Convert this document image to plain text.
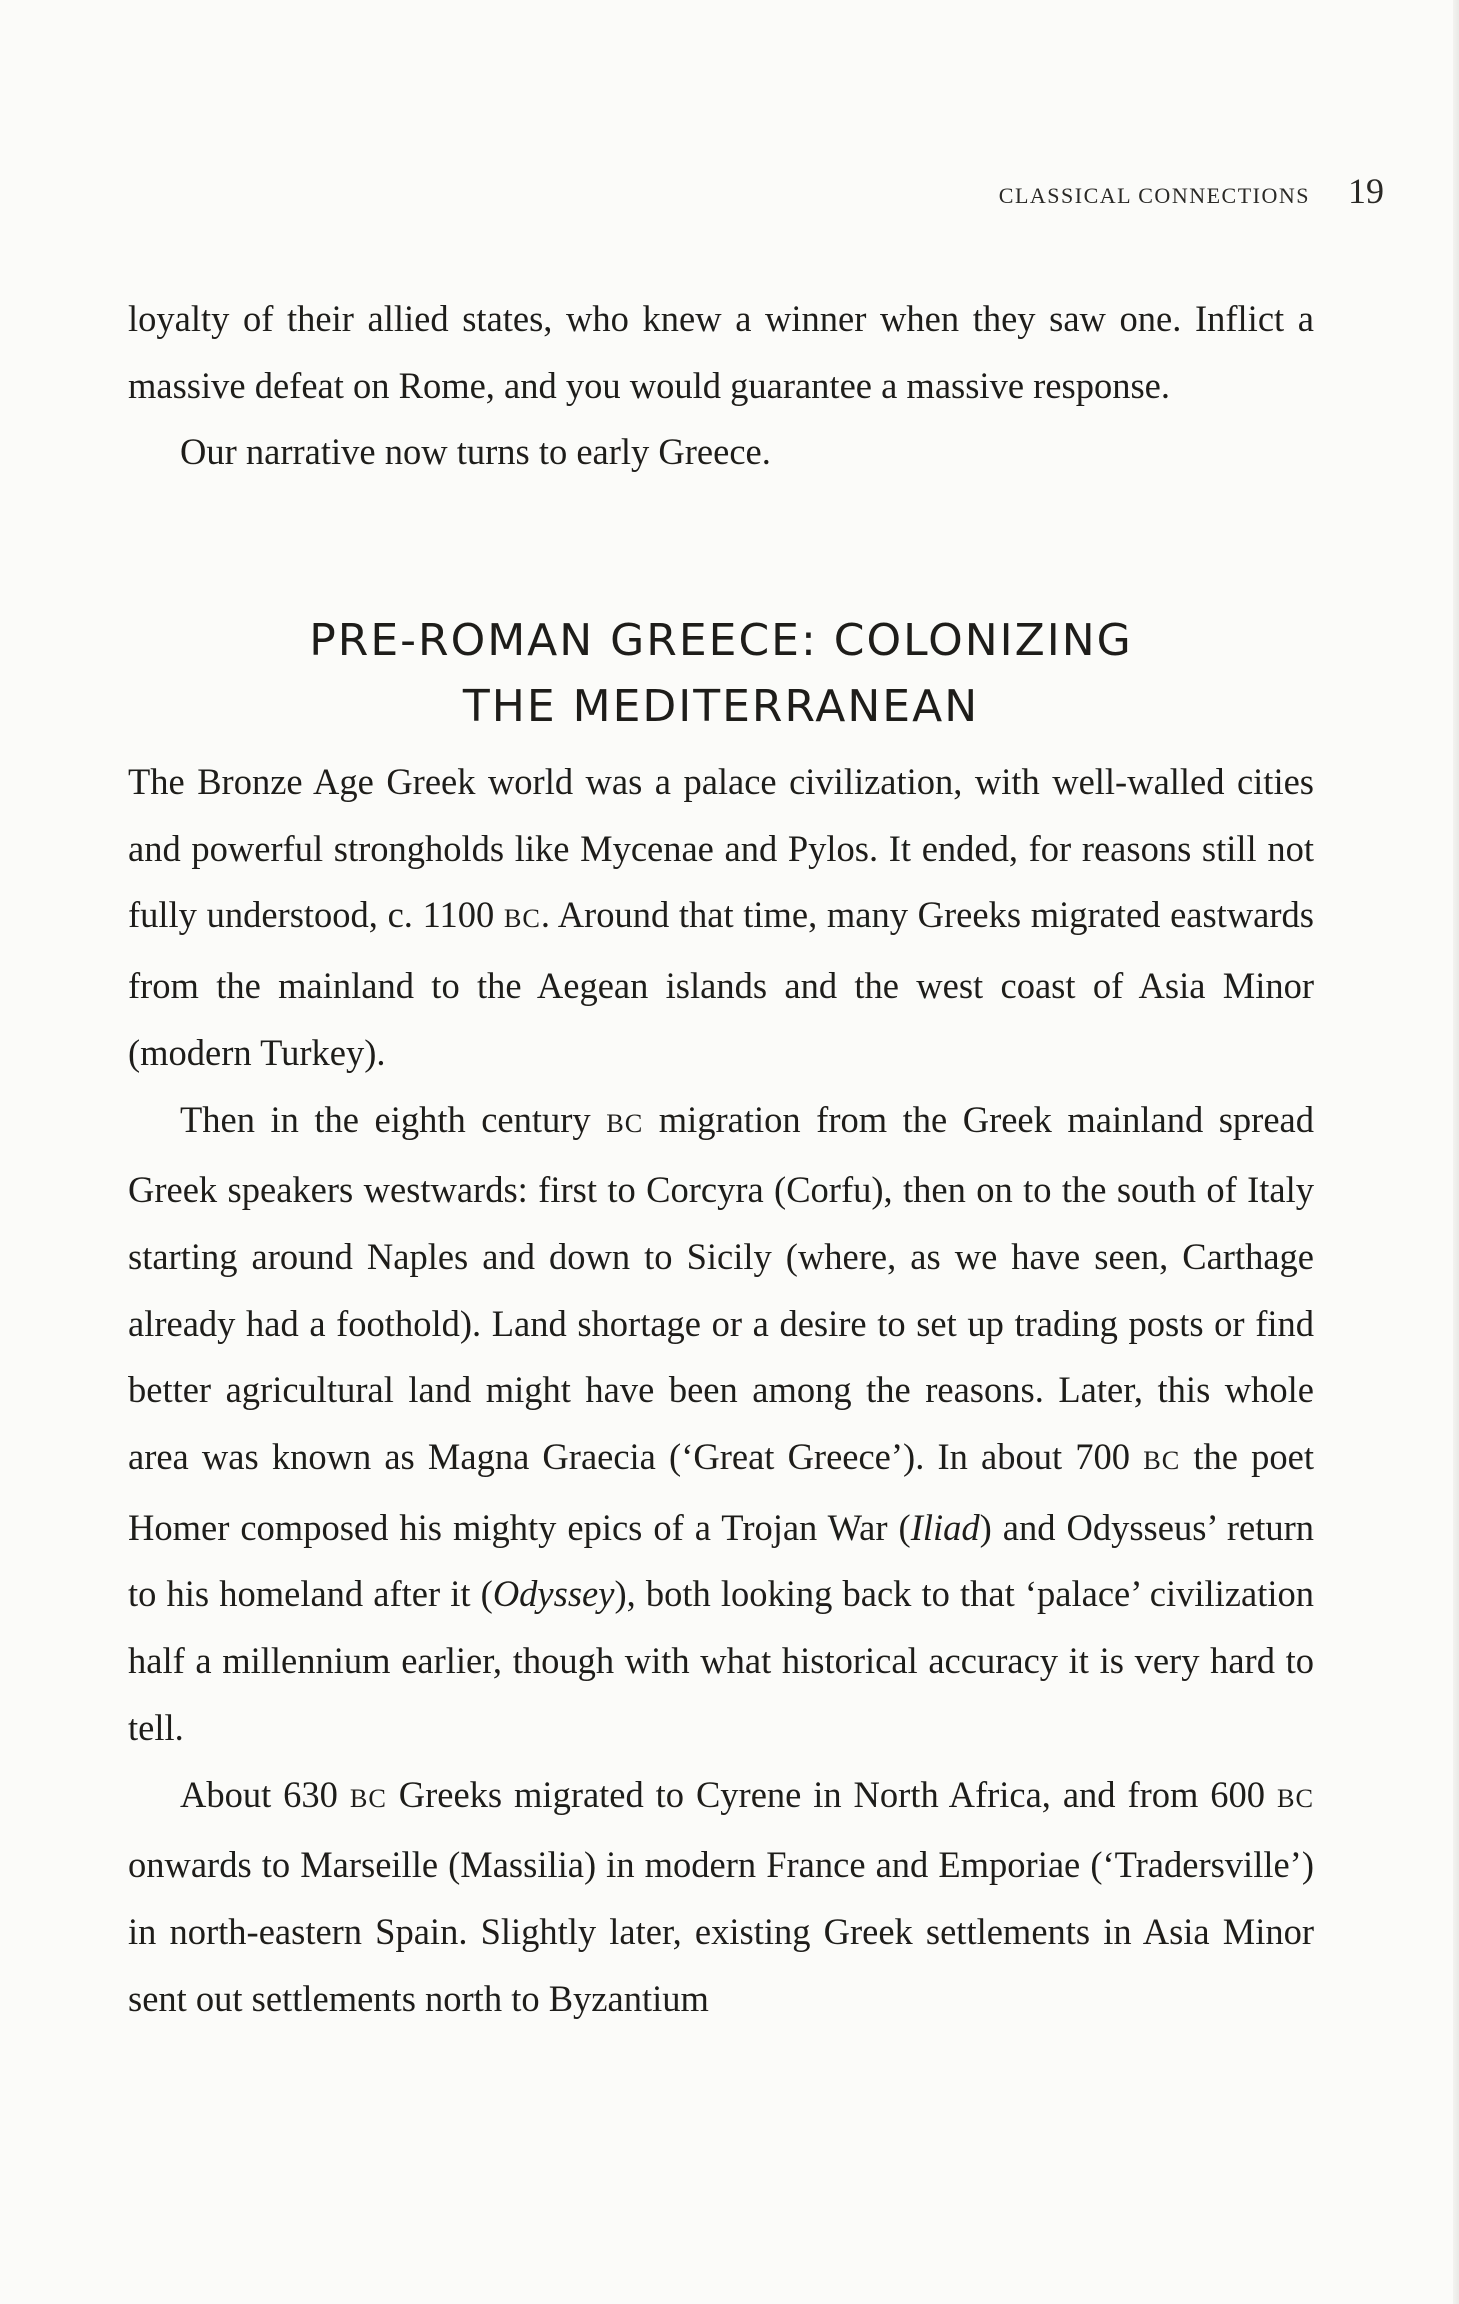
CLASSICAL CONNECTIONS 19

loyalty of their allied states, who knew a winner when they saw one. Inflict a massive defeat on Rome, and you would guarantee a massive response.

Our narrative now turns to early Greece.

PRE-ROMAN GREECE: COLONIZING
THE MEDITERRANEAN

The Bronze Age Greek world was a palace civilization, with well-walled cities and powerful strongholds like Mycenae and Pylos. It ended, for reasons still not fully understood, c. 1100 BC. Around that time, many Greeks migrated eastwards from the mainland to the Aegean islands and the west coast of Asia Minor (modern Turkey).

Then in the eighth century BC migration from the Greek mainland spread Greek speakers westwards: first to Corcyra (Corfu), then on to the south of Italy starting around Naples and down to Sicily (where, as we have seen, Carthage already had a foothold). Land shortage or a desire to set up trading posts or find better agricultural land might have been among the reasons. Later, this whole area was known as Magna Graecia (‘Great Greece’). In about 700 BC the poet Homer composed his mighty epics of a Trojan War (Iliad) and Odysseus’ return to his homeland after it (Odyssey), both looking back to that ‘palace’ civilization half a millennium earlier, though with what historical accuracy it is very hard to tell.

About 630 BC Greeks migrated to Cyrene in North Africa, and from 600 BC onwards to Marseille (Massilia) in modern France and Emporiae (‘Tradersville’) in north-eastern Spain. Slightly later, existing Greek settlements in Asia Minor sent out settlements north to Byzantium
